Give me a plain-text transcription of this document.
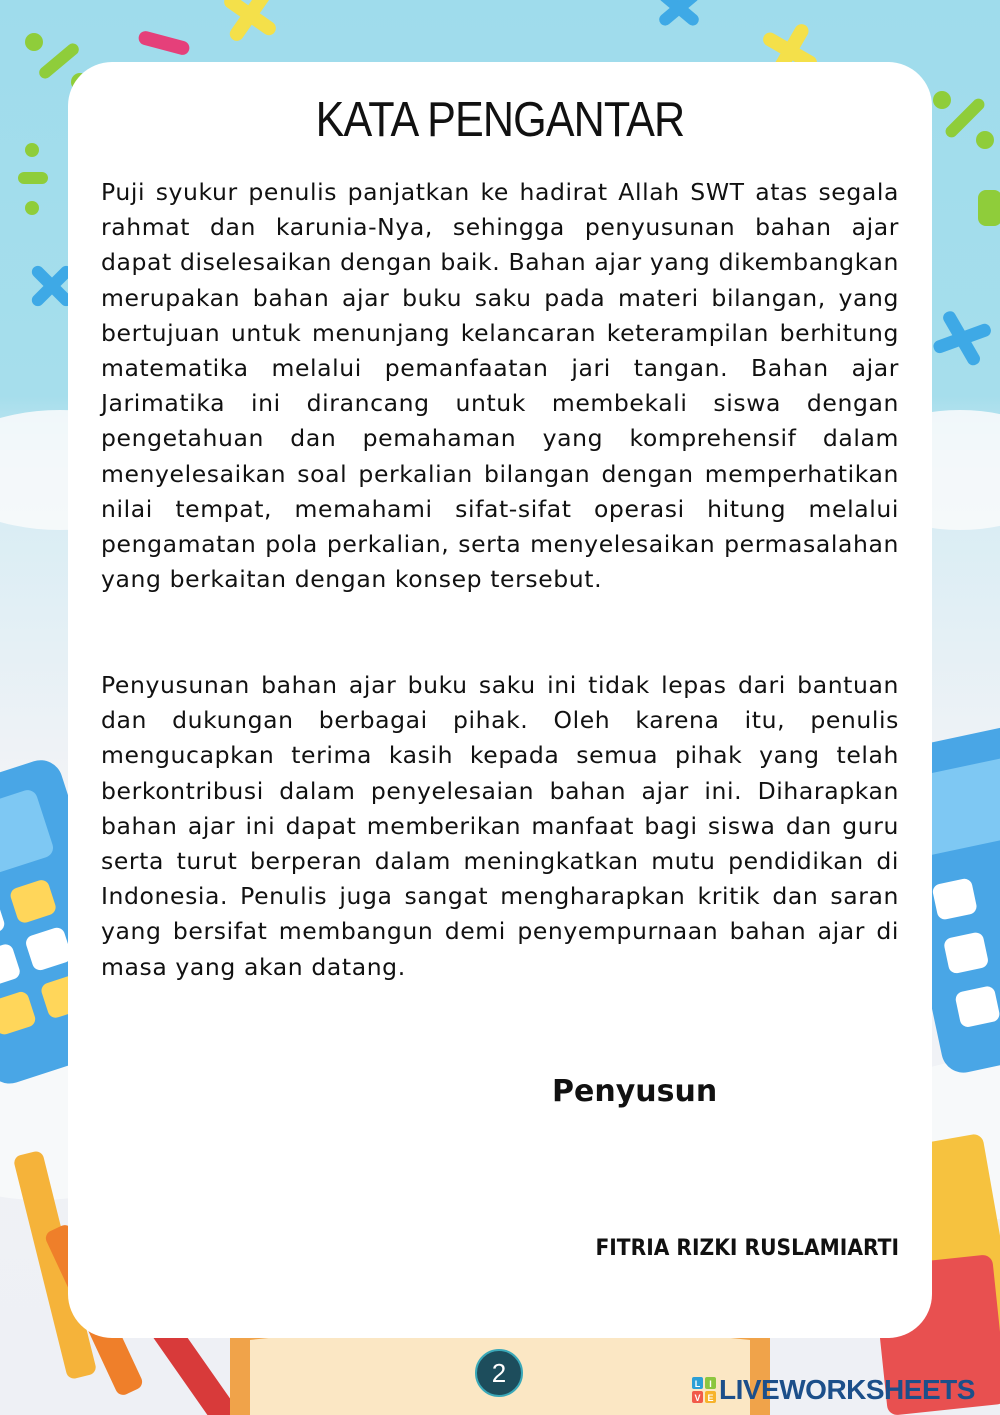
KATA PENGANTAR

Puji syukur penulis panjatkan ke hadirat Allah SWT atas segala rahmat dan karunia-Nya, sehingga penyusunan bahan ajar dapat diselesaikan dengan baik. Bahan ajar yang dikembangkan merupakan bahan ajar buku saku pada materi bilangan, yang bertujuan untuk menunjang kelancaran keterampilan berhitung matematika melalui pemanfaatan jari tangan. Bahan ajar Jarimatika ini dirancang untuk membekali siswa dengan pengetahuan dan pemahaman yang komprehensif dalam menyelesaikan soal perkalian bilangan dengan memperhatikan nilai tempat, memahami sifat-sifat operasi hitung melalui pengamatan pola perkalian, serta menyelesaikan permasalahan yang berkaitan dengan konsep tersebut.

Penyusunan bahan ajar buku saku ini tidak lepas dari bantuan dan dukungan berbagai pihak. Oleh karena itu, penulis mengucapkan terima kasih kepada semua pihak yang telah berkontribusi dalam penyelesaian bahan ajar ini. Diharapkan bahan ajar ini dapat memberikan manfaat bagi siswa dan guru serta turut berperan dalam meningkatkan mutu pendidikan di Indonesia. Penulis juga sangat mengharapkan kritik dan saran yang bersifat membangun demi penyempurnaan bahan ajar di masa yang akan datang.

Penyusun
FITRIA RIZKI RUSLAMIARTI
2	L I
V E LIVEWORKSHEETS
